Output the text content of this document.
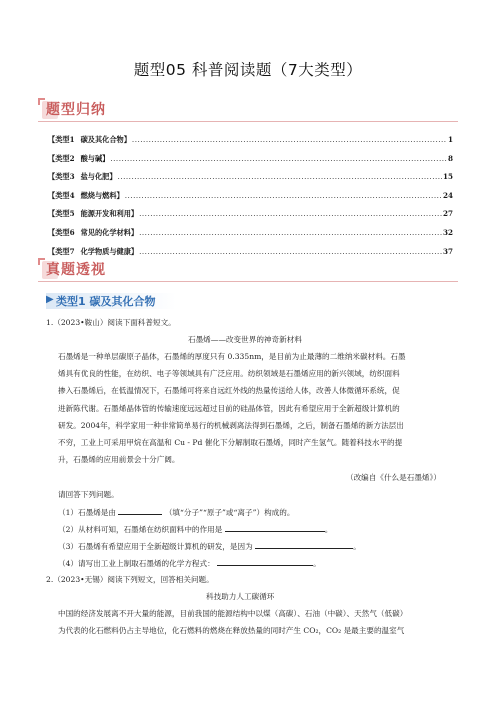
题型05 科普阅读题（7大类型）
题型归纳
【类型1 碳及其化合物】 .....	1
【类型2 酸与碱】 .....	8
【类型3 盐与化肥】 .....	15
【类型4 燃烧与燃料】 .....	24
【类型5 能源开发和利用】 .....	27
【类型6 常见的化学材料】 .....	32
【类型7 化学物质与健康】 .....	37
真题透视
▶ 类型1 碳及其化合物
1.（2023•鞍山）阅读下面科普短文。
石墨烯——改变世界的神奇新材料
石墨烯是一种单层碳原子晶体，石墨烯的厚度只有 0.335nm，是目前为止最薄的二维纳米碳材料。石墨
烯具有优良的性能，在纺织、电子等领域具有广泛应用。纺织领域是石墨烯应用的新兴领域，纺织面料
掺入石墨烯后，在低温情况下，石墨烯可将来自远红外线的热量传送给人体，改善人体微循环系统，促
进新陈代谢。石墨烯晶体管的传输速度远远超过目前的硅晶体管，因此有希望应用于全新超级计算机的
研发。2004年，科学家用一种非常简单易行的机械剥离法得到石墨烯，之后，制备石墨烯的新方法层出
不穷，工业上可采用甲烷在高温和 Cu - Pd 催化下分解制取石墨烯，同时产生氢气。随着科技水平的提
升，石墨烯的应用前景会十分广阔。
（改编自《什么是石墨烯》）
请回答下列问题。
（1）石墨烯是由	（填“分子”“原子”或“离子”）构成的。
（2）从材料可知，石墨烯在纺织面料中的作用是	。
（3）石墨烯有希望应用于全新超级计算机的研发，是因为	。
（4）请写出工业上制取石墨烯的化学方程式：	。
2.（2023•无锡）阅读下列短文，回答相关问题。
科技助力人工碳循环
中国的经济发展离不开大量的能源，目前我国的能源结构中以煤（高碳）、石油（中碳）、天然气（低碳）
为代表的化石燃料仍占主导地位，化石燃料的燃烧在释放热量的同时产生 CO₂，CO₂ 是最主要的温室气
